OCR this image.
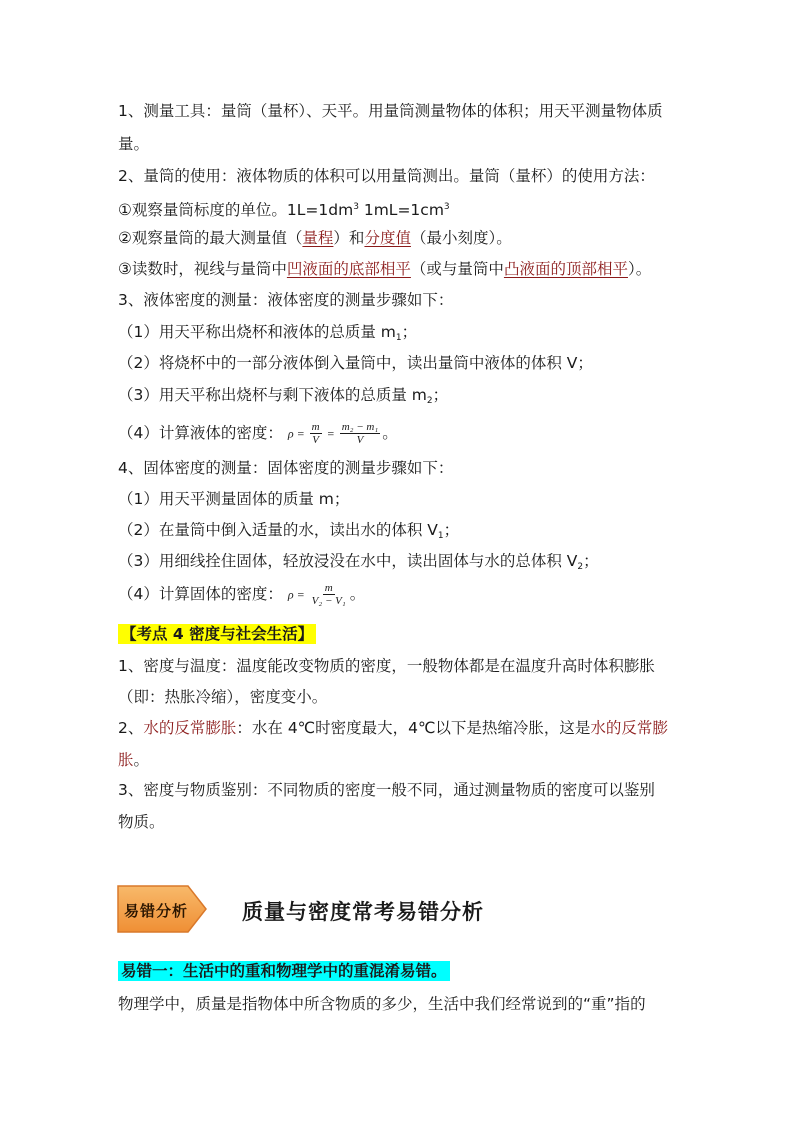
1、测量工具：量筒（量杯）、天平。用量筒测量物体的体积；用天平测量物体质
量。
2、量筒的使用：液体物质的体积可以用量筒测出。量筒（量杯）的使用方法：
①观察量筒标度的单位。$1L=1dm^3$ $1mL=1cm^3$
②观察量筒的最大测量值（量程）和分度值（最小刻度）。
③读数时，视线与量筒中凹液面的底部相平（或与量筒中凸液面的顶部相平）。
3、液体密度的测量：液体密度的测量步骤如下：
（1）用天平称出烧杯和液体的总质量 $m_1$；
（2）将烧杯中的一部分液体倒入量筒中，读出量筒中液体的体积 V；
（3）用天平称出烧杯与剩下液体的总质量 $m_2$；
（4）计算液体的密度： $\rho = \frac{m}{V} = \frac{\text{m₂ − m₁}}{V}$ 。
4、固体密度的测量：固体密度的测量步骤如下：
（1）用天平测量固体的质量 m；
（2）在量筒中倒入适量的水，读出水的体积 $V_1$；
（3）用细线拴住固体，轻放浸没在水中，读出固体与水的总体积 $V_2$；
（4）计算固体的密度： $\rho = \frac{m}{\text{V₂ − V₁}}$ 。
【考点 4 密度与社会生活】
1、密度与温度：温度能改变物质的密度，一般物体都是在温度升高时体积膨胀
（即：热胀冷缩），密度变小。
2、水的反常膨胀：水在 4℃时密度最大，4℃以下是热缩冷胀，这是水的反常膨
胀。
3、密度与物质鉴别：不同物质的密度一般不同，通过测量物质的密度可以鉴别
物质。
易错分析	质量与密度常考易错分析
易错一：生活中的重和物理学中的重混淆易错。
物理学中，质量是指物体中所含物质的多少，生活中我们经常说到的“重”指的
